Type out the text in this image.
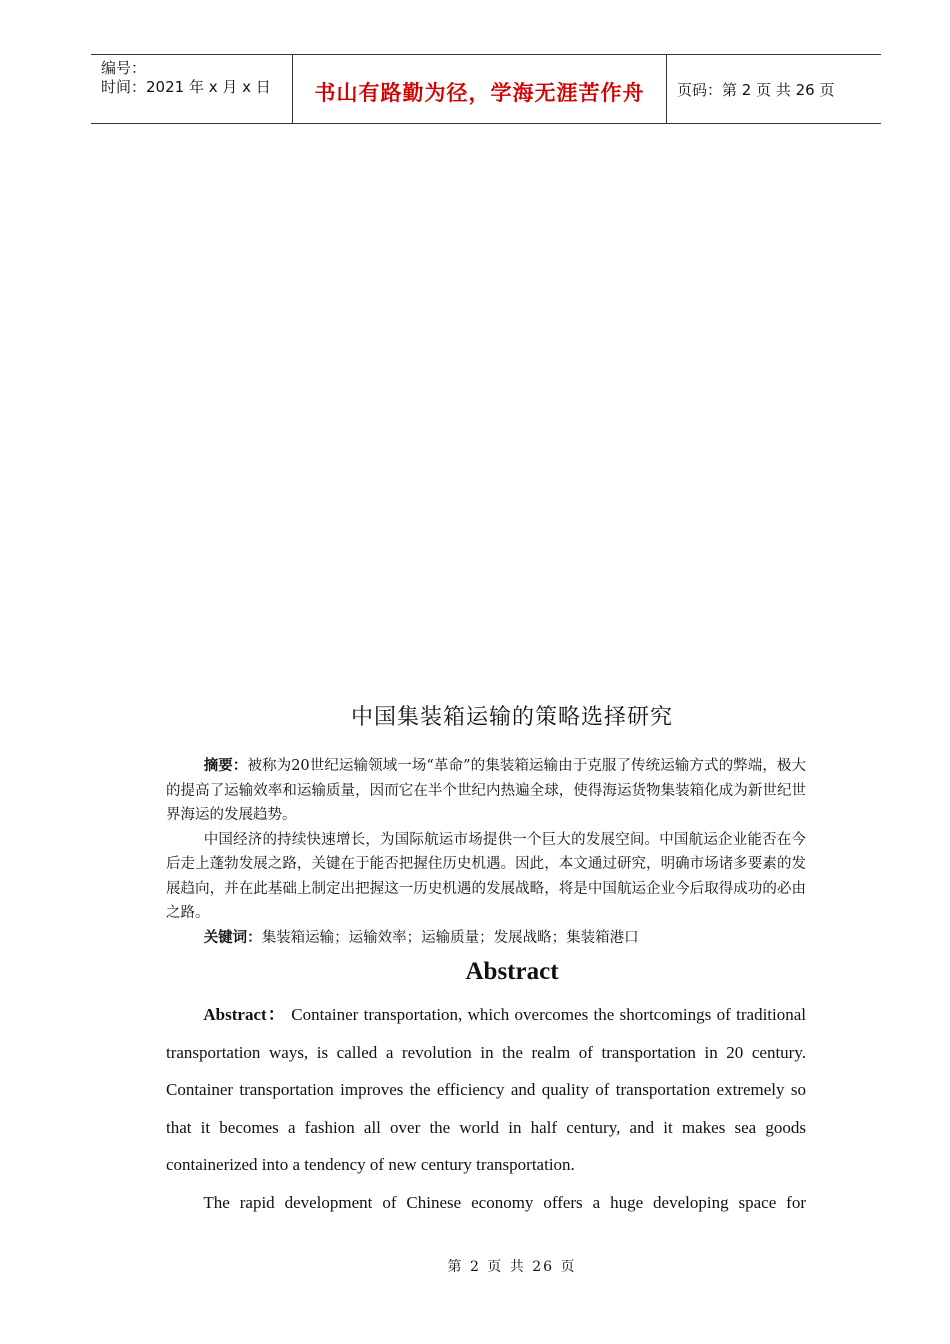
编号：
时间：2021 年 x 月 x 日	书山有路勤为径，学海无涯苦作舟	页码：第 2 页 共 26 页
中国集装箱运输的策略选择研究

摘要：被称为20世纪运输领域一场“革命”的集装箱运输由于克服了传统运输方式的弊端，极大的提高了运输效率和运输质量，因而它在半个世纪内热遍全球，使得海运货物集装箱化成为新世纪世界海运的发展趋势。

中国经济的持续快速增长，为国际航运市场提供一个巨大的发展空间。中国航运企业能否在今后走上蓬勃发展之路，关键在于能否把握住历史机遇。因此，本文通过研究，明确市场诸多要素的发展趋向，并在此基础上制定出把握这一历史机遇的发展战略，将是中国航运企业今后取得成功的必由之路。

关键词：集装箱运输；运输效率；运输质量；发展战略；集装箱港口

Abstract

Abstract： Container transportation, which overcomes the shortcomings of traditional transportation ways, is called a revolution in the realm of transportation in 20 century. Container transportation improves the efficiency and quality of transportation extremely so that it becomes a fashion all over the world in half century, and it makes sea goods containerized into a tendency of new century transportation.

The rapid development of Chinese economy offers a huge developing space for

第 2 页 共 26 页
